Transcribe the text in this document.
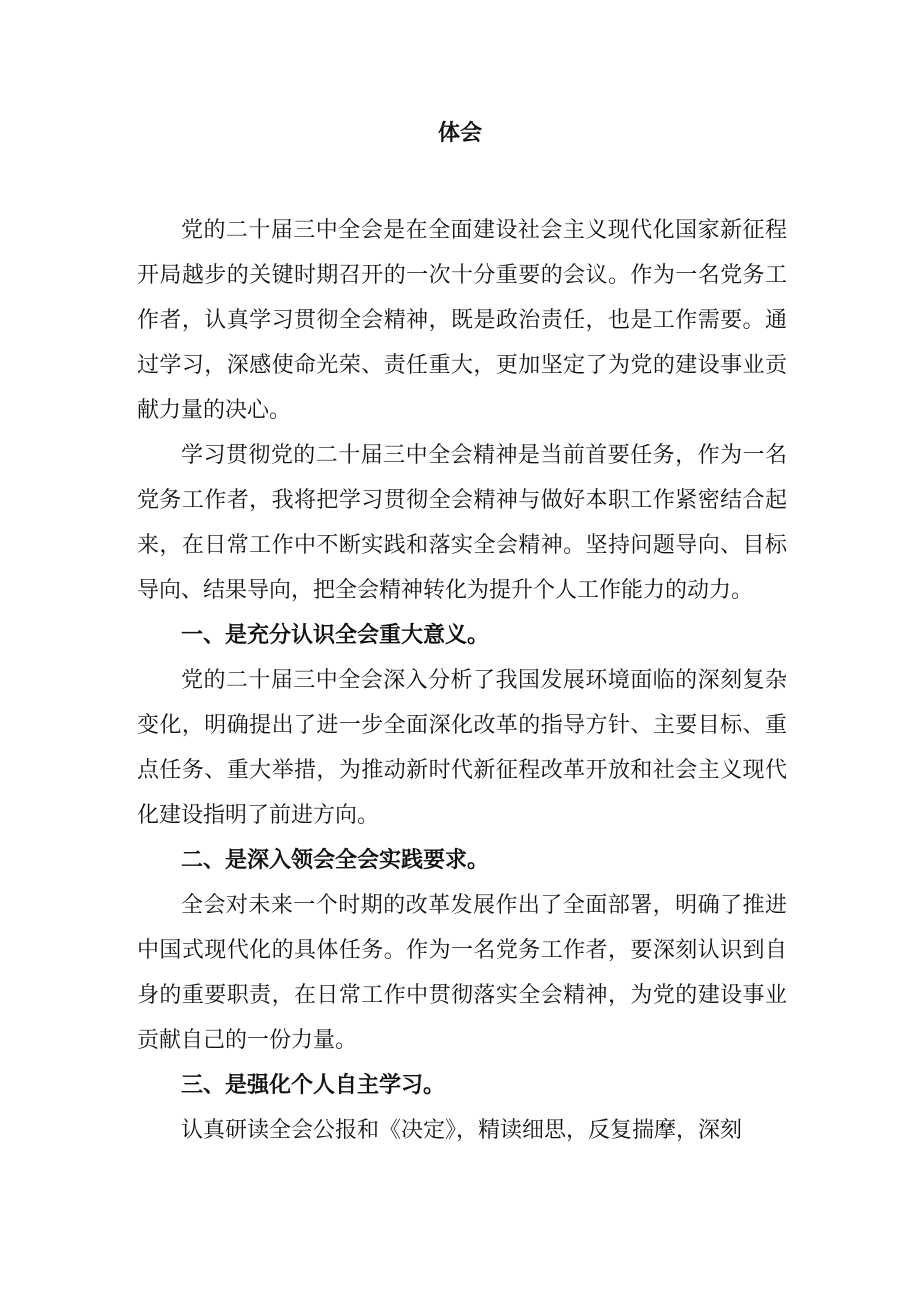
体会

党的二十届三中全会是在全面建设社会主义现代化国家新征程开局越步的关键时期召开的一次十分重要的会议。作为一名党务工作者，认真学习贯彻全会精神，既是政治责任，也是工作需要。通过学习，深感使命光荣、责任重大，更加坚定了为党的建设事业贡献力量的决心。

学习贯彻党的二十届三中全会精神是当前首要任务，作为一名党务工作者，我将把学习贯彻全会精神与做好本职工作紧密结合起来，在日常工作中不断实践和落实全会精神。坚持问题导向、目标导向、结果导向，把全会精神转化为提升个人工作能力的动力。

一、是充分认识全会重大意义。

党的二十届三中全会深入分析了我国发展环境面临的深刻复杂变化，明确提出了进一步全面深化改革的指导方针、主要目标、重点任务、重大举措，为推动新时代新征程改革开放和社会主义现代化建设指明了前进方向。

二、是深入领会全会实践要求。

全会对未来一个时期的改革发展作出了全面部署，明确了推进中国式现代化的具体任务。作为一名党务工作者，要深刻认识到自身的重要职责，在日常工作中贯彻落实全会精神，为党的建设事业贡献自己的一份力量。

三、是强化个人自主学习。

认真研读全会公报和《决定》，精读细思，反复揣摩，深刻
